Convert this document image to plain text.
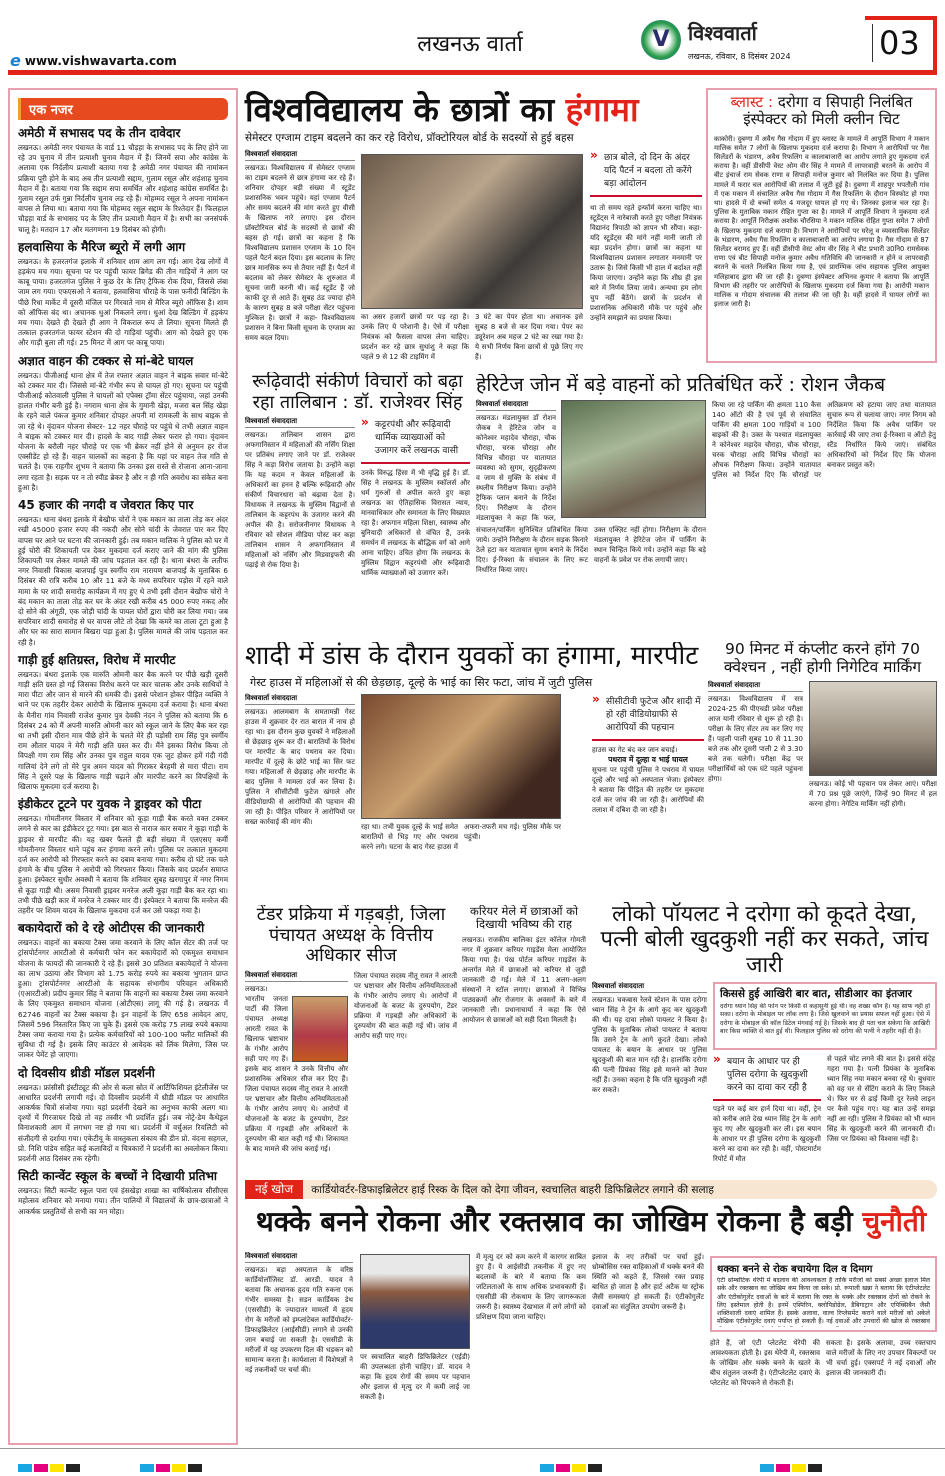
e www.vishwavarta.com
लखनऊ वार्ता	V विश्ववार्ता
लखनऊ, रविवार, 8 दिसंबर 2024	03
एक नजर
अमेठी में सभासद पद के तीन दावेदार
लखनऊ। अमेठी नगर पंचायत के वार्ड 11 चौड़हा के सभासद पद के लिए होने जा रहे उप चुनाव में तीन प्रत्याशी चुनाव मैदान में हैं। जिनमें सपा और कांग्रेस के अलावा एक निर्दलीय प्रत्याशी बताया गया है अमेठी नगर पंचायत की नामांकन प्रक्रिया पूरी होने के बाद अब तीन प्रत्याशी सद्दाम, गुलाम रसूल और शहंशाह चुनाव मैदान में है। बताया गया कि सद्दाम सपा समर्थित और शहंशाह कांग्रेस समर्थित है। गुलाम रसूल उर्फ गुन्ना निर्दलीय चुनाव लड़ रहे हैं। मोहम्मद रसूल ने अपना नामांकन वापस ले लिया था। बताया गया कि मोहम्मद रसूल सद्दाम के रिश्तेदार हैं। फिलहाल चौड़हा वार्ड के सभासद पद के लिए तीन प्रत्याशी मैदान में है। सभी का जनसंपर्क चालू है। मतदान 17 और मतगणना 19 दिसंबर को होगी।
हलवासिया के मैरिज ब्यूरो में लगी आग
लखनऊ। के हजरतगंज इलाके में शनिवार शाम आग लग गई। आग देख लोगों में हड़कंप मच गया। सूचना पर पर पहुंची फायर ब्रिगेड की तीन गाड़ियों ने आग पर काबू पाया। हजरतगंज पुलिस ने कुछ देर के लिए ट्रैफिक रोक दिया, जिससे लंबा जाम लग गया। एफएसओ ने बताया, हलवासिया चौराहे के पास फनीदी बिल्डिंग के पीछे रिधा मार्केट में दूसरी मंजिल पर गिरवाते नाम से मैरिज ब्यूरो ऑफिस है। शाम को ऑफिस बंद था। अचानक धुआं निकलने लगा। धुआं देख बिल्डिंग में हड़कंप मच गया। देखते ही देखते ही आग ने विकराल रूप ले लिया। सूचना मिलते ही तत्काल हजरतगंज फायर स्टेशन की दो गाड़ियां पहुंची। आग को देखते हुए एक और गाड़ी बुला ली गई। 25 मिनट में आग पर काबू पाया।
अज्ञात वाहन की टक्कर से मां-बेटे घायल
लखनऊ। पीजीआई थाना क्षेत्र में तेज रफ्तार अज्ञात वाहन ने बाइक सवार मां-बेटे को टक्कर मार दी। जिससे मां-बेटे गंभीर रूप से घायल हो गए। सूचना पर पहुंची पीजीआई कोतवाली पुलिस ने घायलों को एपेक्स ट्रॉमा सेंटर पहुंचाया, जहां उनकी हालत गंभीर बनी हुई है। नगराम थाना क्षेत्र के गुमानी खेड़ा, मजरा बल सिंह खेड़ा के रहने वाले पंकज कुमार शनिवार दोपहर अपनी मां रामकली के साथ बाइक से जा रहे थे। वृंदावन योजना सेक्टर- 12 नहर चौराहे पर पहुंचे थे तभी अज्ञात वाहन ने बाइक को टक्कर मार दी। हादसे के बाद गाड़ी लेकर फरार हो गया। वृंदावन योजना के बरौली नहर चौराहे पर एक भी ब्रेकर नहीं होने से अनुमन हर रोज एक्सीडेंट हो रहे हैं। वाहन चालकों का कहना है कि यहां पर वाहन तेज गति से चलते है। एक राहगीर शुभम ने बताया कि उनका इस रास्ते से रोजाना आना-जाना लगा रहता है। सड़क पर न तो स्पीड ब्रेकर है और न ही गति अवरोध का संकेत बना हुआ है।
45 हजार की नगदी व जेवरात किए पार
लखनऊ। थाना बंथरा इलाके में बेखौफ चोरों ने एक मकान का ताला तोड़ कर अंदर रखी 45000 हजार रुपए की नकदी और सोने चांदी के जेवरात पार कर दिए वापस घर आने पर घटना की जानकारी हुई। तब मकान मालिक ने पुलिस को घर में हुई चोरी की शिकायती पत्र देकर मुकदमा दर्ज कराए जाने की मांग की पुलिस शिकायती पत्र लेकर मामले की जांच पड़ताल कर रही है। थाना बंथरा के लतीफ नगर निवासी विकास बाजपाई पुत्र स्वर्गीय राम नारायण बाजपाई के मुताबिक 6 दिसंबर की रात्रि करीब 10 और 11 बजे के मध्य सपरिवार पड़ोस में रहने वाले मामा के घर शादी समारोह कार्यक्रम में गए हुए थे तभी इसी दौरान बेखौफ चोरों ने बंद मकान का ताला तोड़ कर घर के अंदर रखी करीब 45 000 रुपए नकद और दो सोने की अंगूठी, एक जोड़ी चांदी के पायल चोरों द्वारा चोरी कर लिया गया। जब सपरिवार शादी समारोह से घर वापस लौटे तो देखा कि कमरे का ताला टूटा हुआ है और घर का सारा सामान बिखरा पड़ा हुआ है। पुलिस मामले की जांच पड़ताल कर रही है।
गाड़ी हुई क्षतिग्रस्त, विरोध में मारपीट
लखनऊ। बंथरा इलाके एक मारुति ओमनी कार बैक करने पर पीछे खड़ी दूसरी गाड़ी क्षति ग्रस्त हो गई जिसका विरोध करने पर कार चालक और उनके साथियों ने मारा पीटा और जान से मारने की धमकी दी। इससे परेशान होकर पीड़ित व्यक्ति ने थाने पर एक तहरीर देकर आरोपी के खिलाफ मुकदमा दर्ज कराया है। थाना बंथरा के मैनीरा गांव निवासी राजेश कुमार पुत्र देवकी नंदन ने पुलिस को बताया कि 6 दिसंबर 24 को मैं अपनी मारुति ओमनी कार को स्कूल जाने के लिए बैक कर रहा था तभी इसी दौरान मात्र पीछे होने के चलते मेरे ही पड़ोसी राम सिंह पुत्र स्वर्गीय राम औतार यादव ने मेरी गाड़ी क्षति ग्रस्त कर दी। मैंने इसका विरोध किया तो विपक्षी गण राम सिंह और उनका पुत्र राहुल यादव एक जुट होकर हमें गंदी गंदी गालियां देने लगे तो मेरे पुत्र अमन यादव को गिराकर बेरहमी से मारा पीटा। राम सिंह ने दूसरे पक्ष के खिलाफ गाड़ी चढ़ाने और मारपीट करने का विपक्षियों के खिलाफ मुकदमा दर्ज कराया है।
इंडीकेटर टूटने पर युवक ने ड्राइवर को पीटा
लखनऊ। गोमतीनगर विस्तार में शनिवार को कूड़ा गाड़ी बैक करते वक्त टक्कर लगने से कार का इंडीकेटर टूट गया। इस बात से नाराज कार सवार ने कूड़ा गाड़ी के ड्राइवर से मारपीट की। यह खबर फैलते ही बड़ी संख्या में एलएसए कर्मी गोमतीनगर विस्तार थाने पहुंच कर हंगामा करने लगे। पुलिस पर तत्काल मुकदमा दर्ज कर आरोपी को गिरफ्तार करने का दबाव बनाया गया। करीब दो घंटे तक चले हंगामे के बीच पुलिस ने आरोपी को गिरफ्तार किया। जिसके बाद प्रदर्शन समाप्त हुआ। इंस्पेक्टर सुधीर अवस्थी ने बताया कि शनिवार सुबह खरगापुर में नगर निगम से कूड़ा गाड़ी थी। असम निवासी ड्राइवर मनरेज अली कूड़ा गाड़ी बैक कर रहा था। तभी पीछे खड़ी कार में मनरेज ने टक्कर मार दी। इंस्पेक्टर ने बताया कि मनरेज की तहरीर पर शिवम यादव के खिलाफ मुकदमा दर्ज कर उसे पकड़ा गया है।
बकायेदारों को दे रहे ओटीएस की जानकारी
लखनऊ। वाहनों का बकाया टैक्स जमा करवाने के लिए कॉल सेंटर की तर्ज पर ट्रांसपोर्टनगर आरटीओ से कर्मचारी फोन कर बकायेदारों को एकमुश्त समाधान योजना के फायदों की जानकारी दे रहे हैं। इससे 30 प्रतिशत बकायेदारों ने योजना का लाभ उठाया और विभाग को 1.75 करोड़ रुपये का बकाया भुगतान प्राप्त हुआ। ट्रांसपोर्टनगर आरटीओ के सहायक संभागीय परिवहन अधिकारी (एआरटीओ) प्रदीप कुमार सिंह ने बताया कि वाहनों का बकाया टैक्स जमा करवाने के लिए एकमुश्त समाधान योजना (ओटीएस) लागू की गई है। लखनऊ में 62746 वाहनों का टैक्स बकाया है। इन वाहनों के लिए 658 आवेदन आए, जिसमें 596 निस्तारित किए जा चुके हैं। इससे एक करोड़ 75 लाख रुपये बकाया टैक्स जमा कराया गया है। प्रत्येक कर्मचारियों को 100-100 फ्लीट मालिकों की सुविधा दी गई है। इसके लिए काउंटर से आवेदक को लिंक मिलेगा, जिस पर जाकर पेमेंट हो जाएगा।
दो दिवसीय थ्रीडी मॉडल प्रदर्शनी
लखनऊ। फ्रांसीसी इंस्टीट्यूट की ओर से कला स्रोत में आर्टिफिशियल इंटेलीजेंस पर आधारित प्रदर्शनी लगायी गई। दो दिवसीय प्रदर्शनी में थ्रीडी मॉडल पर आधारित आकर्षक चित्रों संजोया गया। यहां प्रदर्शनी देखने का अनुभव काफी अलग था। दृश्यों में गिरजाघर दिखे तो वह तस्वीर भी प्रदर्शित हुई। जब नोट्रे-डेम कैथेड्रल विनाशकारी आग में लगभग नष्ट हो गया था। प्रदर्शनी में वर्चुअल रियलिटी को संजीदगी से दर्शाया गया। एकेटीयू के वास्तुकला संकाय की डीन प्रो. वंदना सहगल, प्रो. निशि पांडेय सहित कई कलाविदों व चित्रकारों ने प्रदर्शनी का अवलोकन किया। प्रदर्शनी आठ दिसंबर तक रहेगी।
सिटी कान्वेंट स्कूल के बच्चों ने दिखायी प्रतिभा
लखनऊ। सिटी कान्वेंट स्कूल पारा एवं हंसखेड़ा शाखा का वार्षिकोत्सव सीसीएस महोत्सव शनिवार को मनाया गया। तीन पालियों में विद्यालयों के छात्र-छात्राओं ने आकर्षक प्रस्तुतियों से सभी का मन मोहा।
विश्वविद्यालय के छात्रों का हंगामा
सेमेस्टर एग्जाम टाइम बदलने का कर रहे विरोध, प्रॉक्टोरियल बोर्ड के सदस्यों से हुई बहस
विश्ववार्ता संवाददाता
लखनऊ। विश्वविद्यालय में सेमेस्टर एग्जाम का टाइम बदलने से छात्र हंगामा कर रहे हैं। शनिवार दोपहर बड़ी संख्या में स्टूडेंट प्रशासनिक भवन पहुंचे। यहां एग्जाम पैटर्न और समय बदलने की मांग करते हुए वीसी के खिलाफ नारे लगाए। इस दौरान प्रॉक्टोरियल बोर्ड के सदस्यों से छात्रों की बहस हो गई। छात्रों का कहना है कि विश्वविद्यालय प्रशासन एग्जाम के 10 दिन पहले पैटर्न बदल दिया। इस बदलाव के लिए छात्र मानसिक रूप से तैयार नहीं हैं। पैटर्न में बदलाव को लेकर सेमेस्टर के शुरुआत में सूचना जारी करनी थी। कई स्टूडेंट हैं जो काफी दूर से आते हैं। सुबह ठंड ज्यादा होने के कारण सुबह 8 बजे परीक्षा सेंटर पहुंचना मुश्किल है। छात्रों ने कहा- विश्वविद्यालय प्रशासन ने बिना किसी सूचना के एग्जाम का समय बदल दिया।
का असर हजारों छात्रों पर पड़ रहा है। उनके लिए ये परेशानी है। ऐसे में परीक्षा नियंत्रक को फैसला वापस लेना चाहिए। प्रदर्शन कर रहे छात्र सुधांशु ने कहा कि पहले 9 से 12 की टाइमिंग में
3 घंटे का पेपर होता था। अचानक इसे सुबह 8 बजे से कर दिया गया। पेपर का ड्यूरेशन अब महज 2 घंटे का रखा गया है। ये सभी निर्णय बिना छात्रों से पूछे लिए गए हैं।
» छात्र बोले, दो दिन के अंदर यदि पैटर्न न बदला तो करेंगे बड़ा आंदोलन
था तो समय रहते इन्फॉर्म करना चाहिए था। स्टूडेंट्स ने नारेबाजी करते हुए परीक्षा नियंत्रक विद्यानंद त्रिपाठी को ज्ञापन भी सौंपा। कहा- यदि स्टूडेंट्स की मांगे नहीं मानी जाती तो बड़ा प्रदर्शन होगा। छात्रों का कहना था विश्वविद्यालय प्रशासन लगातार मनमानी पर उतारू है। जिसे किसी भी हाल में बर्दाश्त नहीं किया जाएगा। उन्होंने कहा कि शीघ्र ही इस बारे में निर्णय लिया जाये। अन्यथा हम लोग चुप नहीं बैठेंगे। छात्रों के प्रदर्शन से प्रशासनिक अधिकारी मौके पर पहुंचे और उन्होंने समझाने का प्रयास किया।
ब्लास्ट : दरोगा व सिपाही निलंबित इंस्पेक्टर को मिली क्लीन चिट
काकोरी। दुबग्गा में अवैध गैस गोदाम में हुए ब्लास्ट के मामले में आपूर्ति विभाग ने मकान मालिक समेत 7 लोगों के खिलाफ मुकदमा दर्ज कराया है। विभाग ने आरोपियों पर गैस सिलेंडरों के भंडारण, अवैध रिफलिंग व कालाबाजारी का आरोप लगाते हुए मुकदमा दर्ज कराया है। वहीं डीसीपी वेस्ट ओम वीर सिंह ने मामले में लापरवाही बरतने के आरोप में बीट इंचार्ज राम सेवक राणा व सिपाही मनोज कुमार को निलंबित कर दिया है। पुलिस मामले में फरार चल आरोपियों की तलाश में जुटी हुई है। दुबग्गा में शाहपुर भपतौली गांव में एक मकान में संचालित अवैध गैस गोदाम में गैस रिफलिंग के दौरान विस्फोट हो गया था। हादसे में दो बच्चों समेत 4 मजदूर घायल हो गए थे। जिनका इलाज चल रहा है। पुलिस के मुताबिक मकान रोहित गुप्ता का है। मामले में आपूर्ति विभाग ने मुकदमा दर्ज कराया है। आपूर्ति निरीक्षक अशोक चौरसिया ने मकान मालिक रोहित गुप्ता समेत 7 लोगों के खिलाफ मुकदमा दर्ज कराया है। विभाग ने आरोपियों पर घरेलू व व्यवसायिक सिलेंडर के भंडारण, अवैध गैस रिफलिंग व कालाबाजारी का आरोप लगाया है। गैस गोदाम से 87 सिलेंडर बरामद हुए हैं। वहीं डीसीपी वेस्ट ओम वीर सिंह ने बीट प्रभारी उ0नि0 रामसेवक राणा एवं बीट सिपाही मनोज कुमार अवैध गतिविधि की जानकारी न होने व लापरवाही बरतने के चलते निलंबित किया गया है, एवं प्रारम्भिक जांच सहायक पुलिस आयुक्त मलिहाबाद द्वारा की जा रही है। दुबग्गा इंस्पेक्टर अभिनव कुमार ने बताया कि आपूर्ति विभाग की तहरीर पर आरोपियों के खिलाफ मुकदमा दर्ज किया गया है। आरोपी मकान मालिक व गोदाम संचालक की तलाश की जा रही है। वहीं हादसे में घायल लोगों का इलाज जारी है।
रूढ़िवादी संकीर्ण विचारों को बढ़ा रहा तालिबान : डॉ. राजेश्वर सिंह
विश्ववार्ता संवाददाता
लखनऊ। तालिबान शासन द्वारा अफगानिस्तान में महिलाओं की नर्सिंग शिक्षा पर प्रतिबंध लगाए जाने पर डॉ. राजेश्वर सिंह ने कड़ा विरोध जताया है। उन्होंने कहा कि यह कदम न केवल महिलाओं के अधिकारों का हनन है बल्कि रूढ़िवादी और संकीर्ण विचारधारा को बढ़ावा देता है। विधायक ने लखनऊ के मुस्लिम विद्वानों से तालिबान के कट्टरपंथ के उजागर करने की अपील की है। सरोजनीनगर विधायक ने रविवार को सोशल मीडिया पोस्ट कर कहा तालिबान शासन ने अफगानिस्तान में महिलाओं को नर्सिंग और मिडवाइफरी की पढ़ाई से रोक दिया है।
» कट्टरपंथी और रूढ़िवादी धार्मिक व्याख्याओं को उजागर करें लखनऊ वासी
उनके विरुद्ध हिंसा में भी वृद्धि हुई है। डॉ. सिंह ने लखनऊ के मुस्लिम स्कॉलर्स और धर्म गुरुओं से अपील करते हुए कहा लखनऊ का ऐतिहासिक विरासत न्याय, मानवाधिकार और समानता के लिए विख्यात रहा है। अफगान महिला शिक्षा, स्वास्थ्य और बुनियादी अधिकारों से वंचित हैं, उनके समर्थन में लखनऊ के बौद्धिक वर्ग को आगे आना चाहिए। उचित होगा कि लखनऊ के मुस्लिम विद्वान कट्टरपंथी और रूढ़िवादी धार्मिक व्याख्याओं को उजागर करें।
हेरिटेज जोन में बड़े वाहनों को प्रतिबंधित करें : रोशन जैकब
विश्ववार्ता संवाददाता
लखनऊ। मंडलायुक्त डॉ रोशन जैकब ने हेरिटेज जोन व कोनेश्वर महादेव चौराहा, चौक चौराहा, चरक चौराहा और विभिन्न चौराहा पर यातायात व्यवस्था को सुगम, सुदृढ़ीकरण व जाम से मुक्ति के संबंध में स्थलीय निरीक्षण किया। उन्होंने ट्रैफिक प्लान बनाने के निर्देश दिए। निरीक्षण के दौरान मंडलायुक्त ने कहा कि फल,
संचालन/पार्किंग सुनिश्चित प्रतिबंधित किया जाये। उन्होंने निरीक्षण के दौरान सड़क किनारे ठेले हटा कर यातायात सुगम बनाने के निर्देश दिए। ई-रिक्शा के संचालन के लिए रूट निर्धारित किया जाए।
उक्त एक्ज़िट नहीं होगा। निरीक्षण के दौरान मंडलायुक्त ने हेरिटेज जोन में पार्किंग के स्थान चिन्हित किये गये। उन्होंने कहा कि बड़े वाहनों के प्रवेश पर रोक लगायी जाए।
किया जा रहे पार्किंग की क्षमता 110 कैस 140 ऑटो की है एवं पूर्व से संचालित पार्किंग की क्षमता 100 गाड़ियों व 100 बाइकों की है। उक्त के पश्चात मंडलायुक्त ने कोनेश्वर महादेव चौराहा, चौक चौराहा, चरक चौराहा आदि विभिन्न चौराहों का औचक निरीक्षण किया। उन्होंने यातायात पुलिस को निर्देश दिए कि चौराहों पर अतिक्रमण को हटाया जाए तथा यातायात सुचारु रूप से चलाया जाए। नगर निगम को निर्देशित किया कि अवैध पार्किंग पर कार्रवाई की जाए तथा ई-रिक्शा व ऑटो हेतु स्टैंड निर्धारित किये जाएं। संबंधित अधिकारियों को निर्देश दिए कि योजना बनाकर प्रस्तुत करें।
शादी में डांस के दौरान युवकों का हंगामा, मारपीट
गेस्ट हाउस में महिलाओं से की छेड़छाड़, दूल्हे के भाई का सिर फटा, जांच में जुटी पुलिस
विश्ववार्ता संवाददाता
लखनऊ। आलमबाग के समतामन्नी गेस्ट हाउस में शुक्रवार देर रात बारात में नाच हो रहा था। इस दौरान कुछ युवकों ने महिलाओं से छेड़छाड़ शुरू कर दी। बारातियों के विरोध पर मारपीट के बाद पथराव कर दिया। मारपीट में दूल्हे के छोटे भाई का सिर फट गया। महिलाओं से छेड़छाड़ और मारपीट के बाद पुलिस ने मामला दर्ज कर लिया है। पुलिस ने सीसीटीवी फुटेज खंगाले और वीडियोग्राफी से आरोपियों की पहचान की जा रही है। पीड़ित परिवार ने आरोपियों पर सख्त कार्रवाई की मांग की।
रहा था। तभी युवक दूल्हे के भाई समेत बारातियों से भिड़ गए और पथराव करने लगे। घटना के बाद गेस्ट हाउस में अफरा-तफरी मच गई। पुलिस मौके पर पहुंची।
» सीसीटीवी फुटेज और शादी में हो रही वीडियोग्राफी से आरोपियों की पहचान
हाउस का गेट बंद कर जान बचाई।
पथराव में दूल्हा व भाई घायल
सूचना पर पहुंची पुलिस ने पथराव में घायल दूल्हे और भाई को अस्पताल भेजा। इंस्पेक्टर ने बताया कि पीड़ित की तहरीर पर मुकदमा दर्ज कर जांच की जा रही है। आरोपियों की तलाश में दबिश दी जा रही है।
90 मिनट में कंप्लीट करने होंगे 70 क्वेश्चन , नहीं होगी निगेटिव मार्किंग
विश्ववार्ता संवाददाता
लखनऊ। विश्वविद्यालय में सत्र 2024-25 की पीएचडी प्रवेश परीक्षा आज यानी रविवार से शुरू हो रही है। परीक्षा के लिए सेंटर तय कर लिए गए हैं। पहली पाली सुबह 10 से 11.30 बजे तक और दूसरी पाली 2 से 3.30 बजे तक चलेगी। परीक्षा केंद्र पर परीक्षार्थियों को एक घंटे पहले पहुंचना होगा।
लखनऊ। कोई भी पहचान पत्र लेकर आएं। परीक्षा में 70 प्रश्न पूछे जाएंगे, जिन्हें 90 मिनट में हल करना होगा। नेगेटिव मार्किंग नहीं होगी।
टेंडर प्रक्रिया में गड़बड़ी, जिला पंचायत अध्यक्ष के वित्तीय अधिकार सीज
विश्ववार्ता संवाददाता
लखनऊ। भारतीय जनता पार्टी की जिला पंचायत अध्यक्ष आरती रावत के खिलाफ भ्रष्टाचार के गंभीर आरोप सही पाए गए हैं। इसके बाद शासन ने उनके वित्तीय और प्रशासनिक अधिकार सीज कर दिए हैं। जिला पंचायत सदस्य नीतू रावत ने आरती पर भ्रष्टाचार और वित्तीय अनियमितताओं के गंभीर आरोप लगाए थे। आरोपों में योजनाओं के बजट के दुरुपयोग, टेंडर प्रक्रिया में गड़बड़ी और अधिकारों के दुरुपयोग की बात कही गई थी। शिकायत के बाद मामले की जांच कराई गई।
जिला पंचायत सदस्य नीतू रावत ने आरती पर भ्रष्टाचार और वित्तीय अनियमितताओं के गंभीर आरोप लगाए थे। आरोपों में योजनाओं के बजट के दुरुपयोग, टेंडर प्रक्रिया में गड़बड़ी और अधिकारों के दुरुपयोग की बात कही गई थी। जांच में आरोप सही पाए गए।
करियर मेले में छात्राओं को दिखायी भविष्य की राह
लखनऊ। राजकीय बालिका इंटर कॉलेज गोमती नगर में शुक्रवार करियर गाइडेंस मेला आयोजित किया गया है। पंख पोर्टल करियर गाइडेंस के अन्तर्गत मेले में छात्राओं को करियर से जुड़ी जानकारी दी गई। मेले में 11 अलग-अलग संस्थानों ने स्टॉल लगाए। छात्राओं ने विभिन्न पाठ्यक्रमों और रोजगार के अवसरों के बारे में जानकारी ली। प्रधानाचार्या ने कहा कि ऐसे आयोजन से छात्राओं को सही दिशा मिलती है।
लोको पॉयलट ने दरोगा को कूदते देखा, पत्नी बोली खुदकुशी नहीं कर सकते, जांच जारी
विश्ववार्ता संवाददाता
लखनऊ। चकबास रेलवे स्टेशन के पास दरोगा ध्यान सिंह ने ट्रेन के आगे कूद कर खुदकुशी की थी। यह दावा लोको पायलट ने किया है। पुलिस के मुताबिक लोको पायलट ने बताया कि उसने ट्रेन के आगे कूदते देखा। लोको पायलट के बयान के आधार पर पुलिस खुदकुशी की बात मान रही है। हालांकि दरोगा की पत्नी प्रियंका सिंह इसे मानने को तैयार नहीं हैं। उनका कहना है कि पति खुदकुशी नहीं कर सकते।
किससे हुई आखिरी बार बात, सीडीआर का इंतजार
दरोगा ध्यान सिंह की फोन पर किसी से कहासुनी हुई थी। वह शख्स कौन है। यह साफ नहीं हो सका। दरोगा के मोबाइल पर लॉक लगा है। जिसे खुलवाने का प्रयास सफल नहीं हुआ। ऐसे में दरोगा के मोबाइल की कॉल डिटेल मंगवाई गई है। जिसके बाद ही पता चल सकेगा कि आखिरी बार किस व्यक्ति से बात हुई थी। फिलहाल पुलिस को दरोगा की पत्नी ने तहरीर नहीं दी है।
» बयान के आधार पर ही पुलिस दरोगा के खुदकुशी करने का दावा कर रही है
पड़ने पर कई बार हार्न दिया था। वहीं, ट्रेन को करीब आते देख ध्यान सिंह ट्रेन के आगे कूद गए और खुदकुशी कर ली। इस बयान के आधार पर ही पुलिस दरोगा के खुदकुशी करने का दावा कर रही है। वहीं, पोस्टमार्टम रिपोर्ट में मौत
से पहले चोट लगने की बात है। इससे संदेह गहरा गया है। पत्नी प्रियंका के मुताबिक ध्यान सिंह नया मकान बनवा रहे थे। बुधवार को वह घर से सेंटिंग कराने के लिए निकले थे। फिर घर से ढाई किमी दूर रेलवे लाइन पर कैसे पहुंच गए। यह बात उन्हें समझ नहीं आ रही। पुलिस ने प्रियंका को भी ध्यान सिंह के खुदकुशी करने की जानकारी दी। जिस पर प्रियंका को विश्वास नहीं है।
नई खोज	कार्डियोवर्टर-डिफाइब्रिलेटर हाई रिस्क के दिल को देगा जीवन, स्वचालित बाहरी डिफिब्रिलेटर लगाने की सलाह
थक्के बनने रोकना और रक्तस्राव का जोखिम रोकना है बड़ी चुनौती
विश्ववार्ता संवाददाता
लखनऊ। बड़ा अस्पताल के वरिष्ठ कार्डियोलॉजिस्ट डॉ. आरडी. यादव ने बताया कि अचानक हृदय गति रुकना एक गंभीर समस्या है। सडन कार्डियक डेथ (एससीडी) के ज्यादातर मामलों में हृदय रोग के मरीजों को इम्प्लांटेबल कार्डियोवर्टर-डिफाइब्रिलेटर (आईसीडी) लगाने से उनकी जान बचाई जा सकती है। एससीडी के मरीजों में यह उपकरण दिल की धड़कन को सामान्य करता है। कार्यशाला में विशेषज्ञों ने नई तकनीकों पर चर्चा की।
पर स्वचालित बाहरी डिफिब्रिलेटर (एईडी) की उपलब्धता होनी चाहिए। डॉ. यादव ने कहा कि हृदय रोगों की समय पर पहचान और इलाज से मृत्यु दर में कमी लाई जा सकती है।
में मृत्यु दर को कम करने में कारगर साबित हुए हैं। ये आईसीडी तकनीक में हुए नए बदलावों के बारे में बताया कि कम जटिलताओं के साथ अधिक प्रभावकारी हैं। एससीडी की रोकथाम के लिए जागरूकता जरूरी है। स्वास्थ्य देखभाल में लगे लोगों को प्रशिक्षण दिया जाना चाहिए।
इलाज के नए तरीकों पर चर्चा हुई। थ्रोम्बोसिस रक्त वाहिकाओं में थक्के बनने की स्थिति को कहते हैं, जिससे रक्त प्रवाह बाधित हो जाता है और हार्ट अटैक या स्ट्रोक जैसी समस्याएं हो सकती हैं। एंटीकोगुलेंट दवाओं का संतुलित उपयोग जरूरी है।
थक्का बनने से रोक बचायेगा दिल व दिमाग
एंटी थ्रोम्बोटिक थेरेपी में बदलाव की आवश्यकता है ताकि मरीजों को सबसे अच्छा इलाज मिल सके और रक्तस्राव का जोखिम कम किया जा सके। प्रो. रूपाली खन्ना ने बताया कि एंटीप्लेटलेट और एंटीकोगुलेंट दवाओं के बारे में बताया कि रक्त के थक्के और रक्तस्राव दोनों को रोकने के लिए इस्तेमाल होती है। इनमें एस्पिरिन, क्लोपिडोग्रेल, डैबिगाट्रान और एपिक्सिबैन जैसी शक्तिशाली दवाएं शामिल हैं। इसके अलावा, वाल्व रिप्लेसमेंट कराने वाले मरीजों को अकेले मौखिक एंटीकोगुलेंट दवाएं पर्याप्त हो सकती हैं। नई दवाओं और उपचारों की खोज से रक्तस्राव
होते हैं, जो एंटी प्लेटलेट थेरेपी की आवश्यकता होती है। इस थेरेपी में, रक्तस्राव के जोखिम और थक्के बनने के खतरे के बीच संतुलन जरूरी है। एंटीप्लेटलेट दवाएं के प्लेटलेट को चिपकने से रोकती हैं।
सकता है। इसके अलावा, उच्च रक्तचाप वाले मरीजों के लिए नए उपचार विकल्पों पर भी चर्चा हुई। एक्सपर्ट ने नई दवाओं और इलाज की जानकारी दी।
